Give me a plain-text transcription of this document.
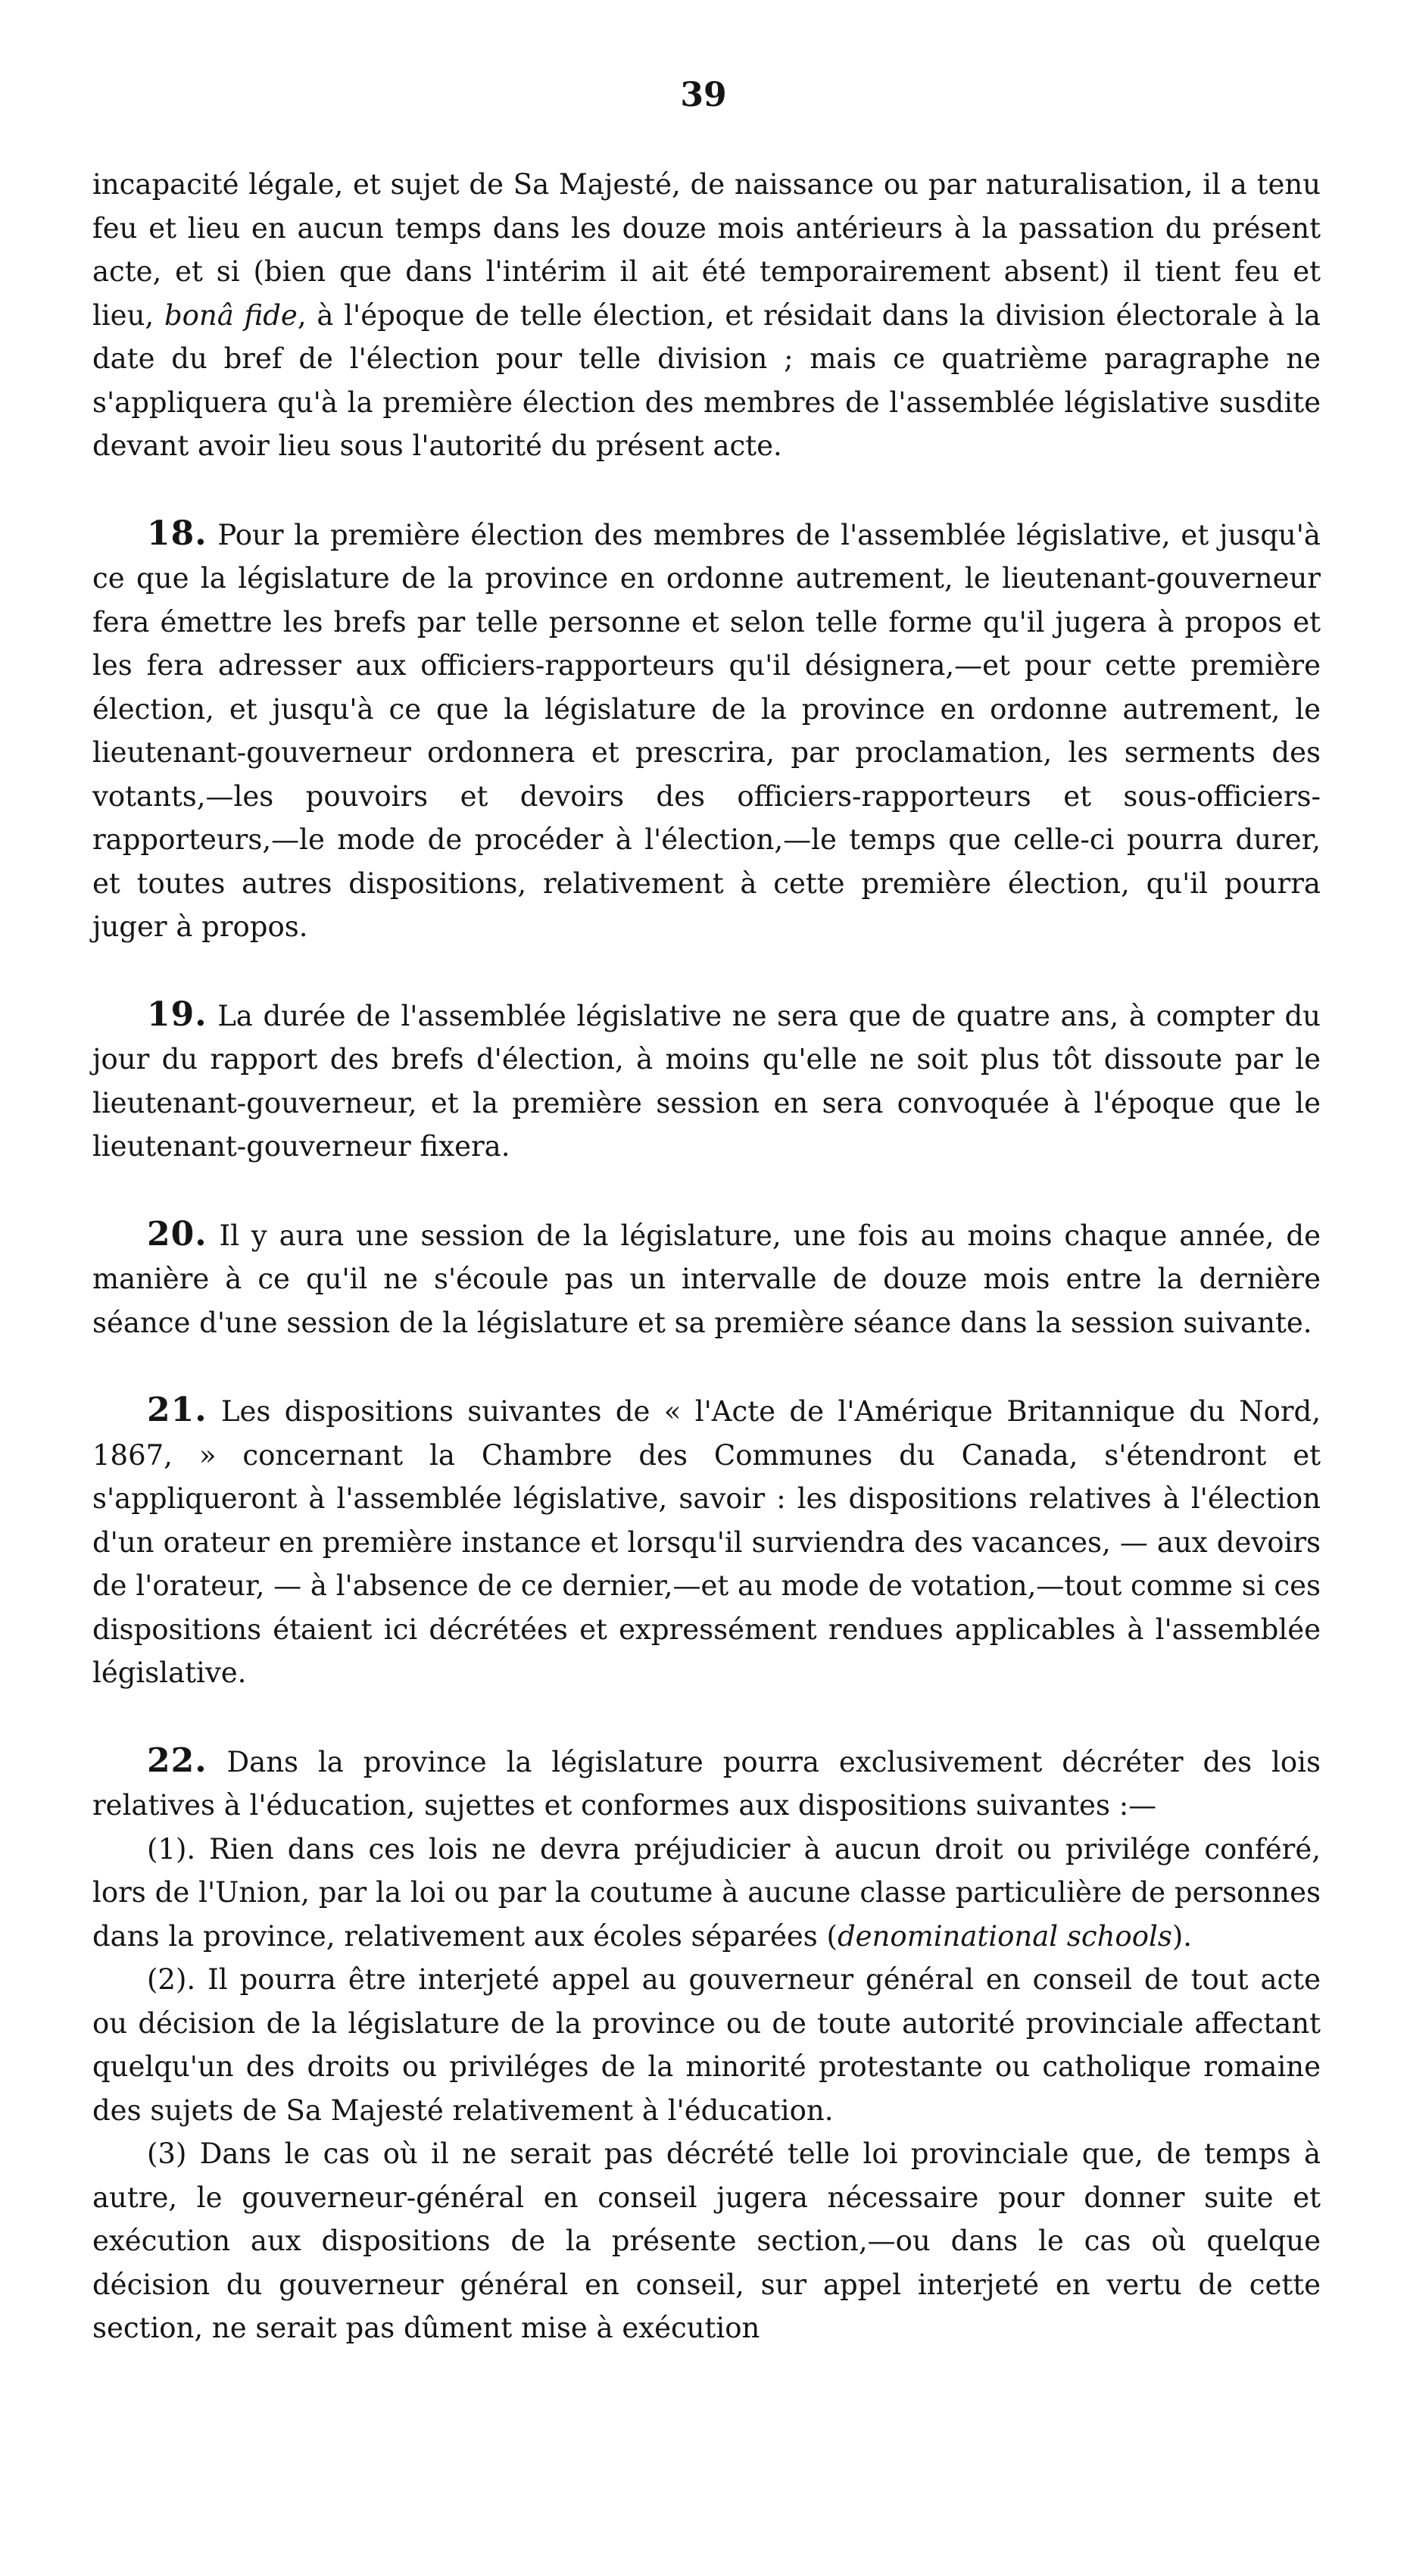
39

incapacité légale, et sujet de Sa Majesté, de naissance ou par naturalisation, il a tenu feu et lieu en aucun temps dans les douze mois antérieurs à la passation du présent acte, et si (bien que dans l'intérim il ait été temporairement absent) il tient feu et lieu, bonâ fide, à l'époque de telle élection, et résidait dans la division électorale à la date du bref de l'élection pour telle division ; mais ce quatrième paragraphe ne s'appliquera qu'à la première élection des membres de l'assemblée législative susdite devant avoir lieu sous l'autorité du présent acte.

18. Pour la première élection des membres de l'assemblée législative, et jusqu'à ce que la législature de la province en ordonne autrement, le lieutenant-gouverneur fera émettre les brefs par telle personne et selon telle forme qu'il jugera à propos et les fera adresser aux officiers-rapporteurs qu'il désignera,—et pour cette première élection, et jusqu'à ce que la législature de la province en ordonne autrement, le lieutenant-gouverneur ordonnera et prescrira, par proclamation, les serments des votants,—les pouvoirs et devoirs des officiers-rapporteurs et sous-officiers-rapporteurs,—le mode de procéder à l'élection,—le temps que celle-ci pourra durer, et toutes autres dispositions, relativement à cette première élection, qu'il pourra juger à propos.

19. La durée de l'assemblée législative ne sera que de quatre ans, à compter du jour du rapport des brefs d'élection, à moins qu'elle ne soit plus tôt dissoute par le lieutenant-gouverneur, et la première session en sera convoquée à l'époque que le lieutenant-gouverneur fixera.

20. Il y aura une session de la législature, une fois au moins chaque année, de manière à ce qu'il ne s'écoule pas un intervalle de douze mois entre la dernière séance d'une session de la législature et sa première séance dans la session suivante.

21. Les dispositions suivantes de « l'Acte de l'Amérique Britannique du Nord, 1867, » concernant la Chambre des Communes du Canada, s'étendront et s'appliqueront à l'assemblée législative, savoir : les dispositions relatives à l'élection d'un orateur en première instance et lorsqu'il surviendra des vacances, — aux devoirs de l'orateur, — à l'absence de ce dernier,—et au mode de votation,—tout comme si ces dispositions étaient ici décrétées et expressément rendues applicables à l'assemblée législative.

22. Dans la province la législature pourra exclusivement décréter des lois relatives à l'éducation, sujettes et conformes aux dispositions suivantes :—

(1). Rien dans ces lois ne devra préjudicier à aucun droit ou privilége conféré, lors de l'Union, par la loi ou par la coutume à aucune classe particulière de personnes dans la province, relativement aux écoles séparées (denominational schools).

(2). Il pourra être interjeté appel au gouverneur général en conseil de tout acte ou décision de la législature de la province ou de toute autorité provinciale affectant quelqu'un des droits ou priviléges de la minorité protestante ou catholique romaine des sujets de Sa Majesté relativement à l'éducation.

(3) Dans le cas où il ne serait pas décrété telle loi provinciale que, de temps à autre, le gouverneur-général en conseil jugera nécessaire pour donner suite et exécution aux dispositions de la présente section,—ou dans le cas où quelque décision du gouverneur général en conseil, sur appel interjeté en vertu de cette section, ne serait pas dûment mise à exécution
